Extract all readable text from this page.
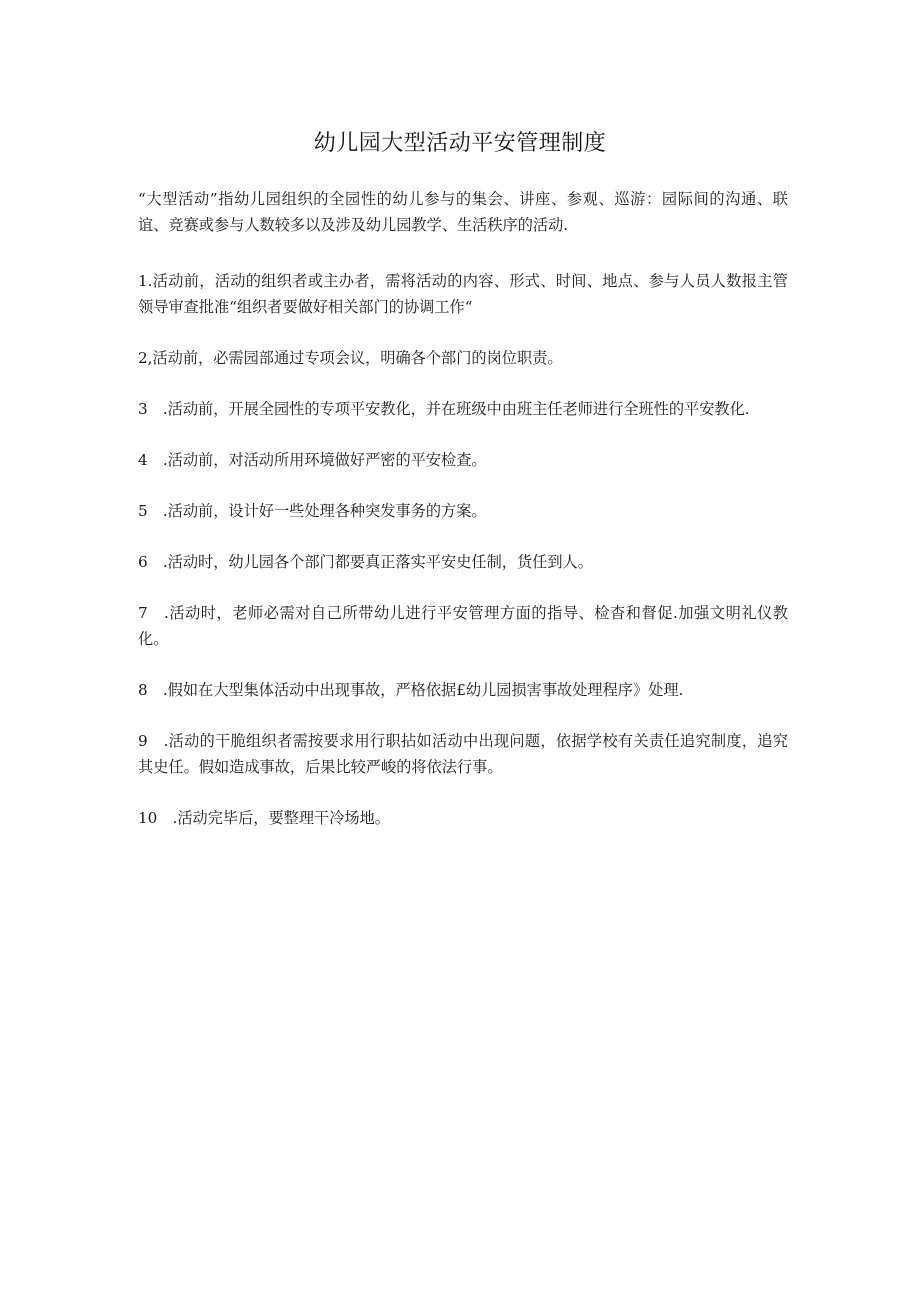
幼儿园大型活动平安管理制度

“大型活动”指幼儿园组织的全园性的幼儿参与的集会、讲座、参观、巡游：园际间的沟通、联谊、竞赛或参与人数较多以及涉及幼儿园教学、生活秩序的活动.

1.活动前，活动的组织者或主办者，需将活动的内容、形式、时间、地点、参与人员人数报主管领导审查批准“组织者要做好相关部门的协调工作“

2,活动前，必需园部通过专项会议，明确各个部门的岗位职责。

3　.活动前，开展全园性的专项平安教化，并在班级中由班主任老师进行全班性的平安教化.

4　.活动前，对活动所用环境做好严密的平安检查。

5　.活动前，设计好一些处理各种突发事务的方案。

6　.活动时，幼儿园各个部门都要真正落实平安史任制，货任到人。

7　.活动时，老师必需对自己所带幼儿进行平安管理方面的指导、检杳和督促.加强文明礼仪教化。

8　.假如在大型集体活动中出现事故，严格依据£幼儿园损害事故处理程序》处理.

9　.活动的干脆组织者需按要求用行职拈如活动中出现问题，依据学校有关责任追究制度，追究其史任。假如造成事故，后果比较严峻的将依法行事。

10　.活动完毕后，要整理干冷场地。
